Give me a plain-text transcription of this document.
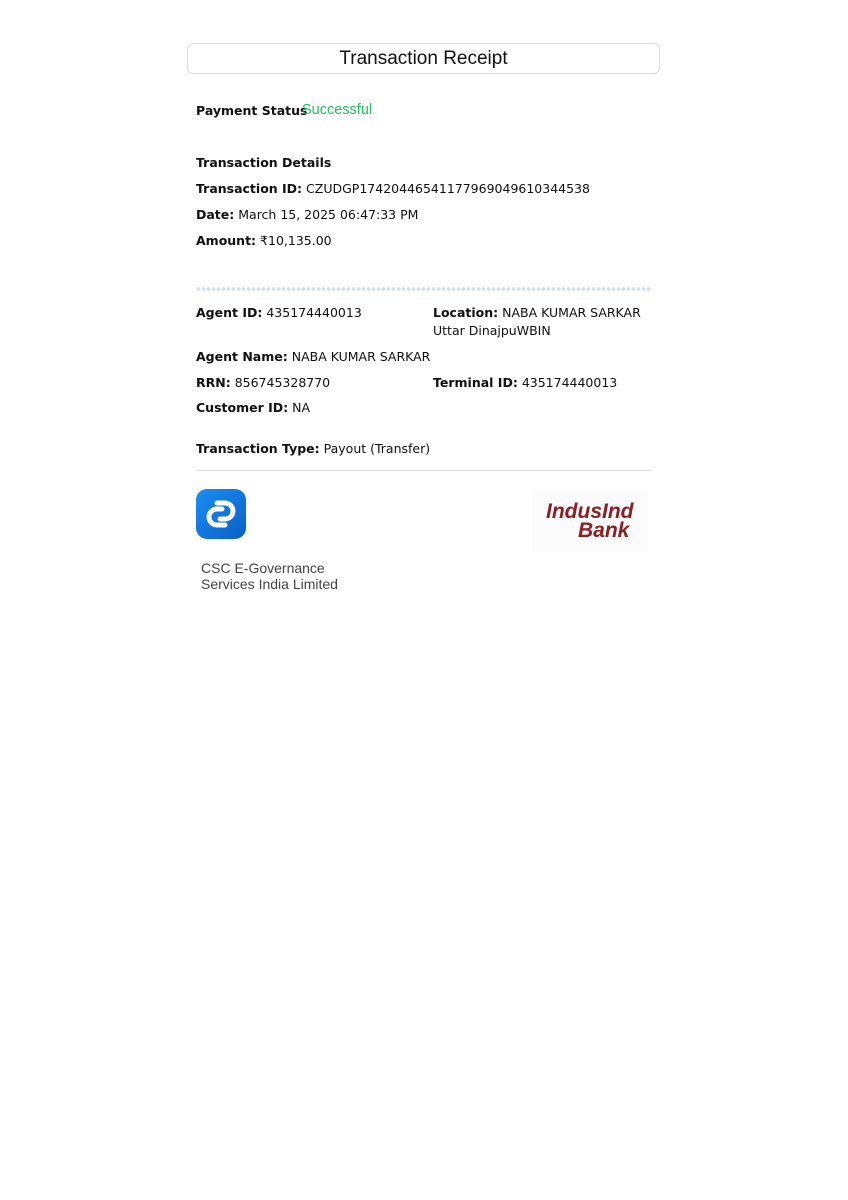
Transaction Receipt
Payment Status
Successful
Transaction Details
Transaction ID: CZUDGP17420446541177969049610344538
Date: March 15, 2025 06:47:33 PM
Amount: ₹10,135.00
Agent ID: 435174440013	Location: NABA KUMAR SARKAR Uttar DinajpuWBIN
Agent Name: NABA KUMAR SARKAR
RRN: 856745328770	Terminal ID: 435174440013
Customer ID: NA
Transaction Type: Payout (Transfer)
CSC E-Governance
Services India Limited
IndusInd
Bank
